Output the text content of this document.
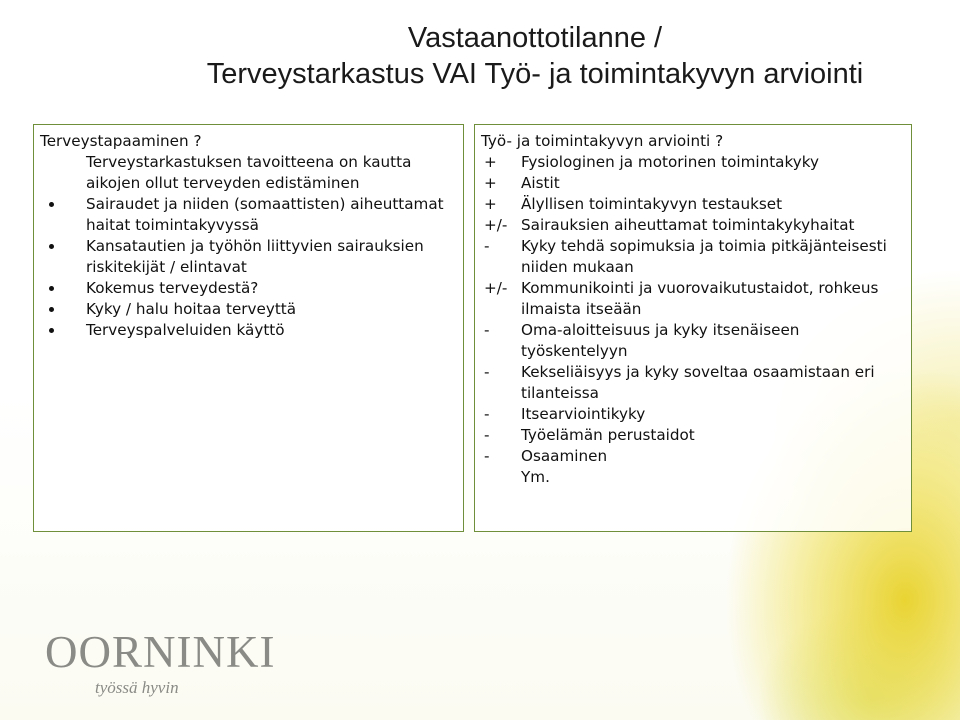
Vastaanottotilanne /
Terveystarkastus VAI Työ- ja toimintakyvyn arviointi
Terveystapaaminen ?
Terveystarkastuksen tavoitteena on kautta aikojen ollut terveyden edistäminen
Sairaudet ja niiden (somaattisten) aiheuttamat haitat toimintakyvyssä
Kansatautien ja työhön liittyvien sairauksien riskitekijät / elintavat
Kokemus terveydestä?
Kyky / halu hoitaa terveyttä
Terveyspalveluiden käyttö
Työ- ja toimintakyvyn arviointi ?
+	Fysiologinen ja motorinen toimintakyky
+	Aistit
+	Älyllisen toimintakyvyn testaukset
+/- Sairauksien aiheuttamat toimintakykyhaitat
-	Kyky tehdä sopimuksia ja toimia pitkäjänteisesti niiden mukaan
+/- Kommunikointi ja vuorovaikutustaidot, rohkeus ilmaista itseään
-	Oma-aloitteisuus ja kyky itsenäiseen työskentelyyn
-	Kekseliäisyys ja kyky soveltaa osaamistaan eri tilanteissa
-	Itsearviointikyky
-	Työelämän perustaidot
-	Osaaminen
Ym.
OORNINKI
työssä hyvin
